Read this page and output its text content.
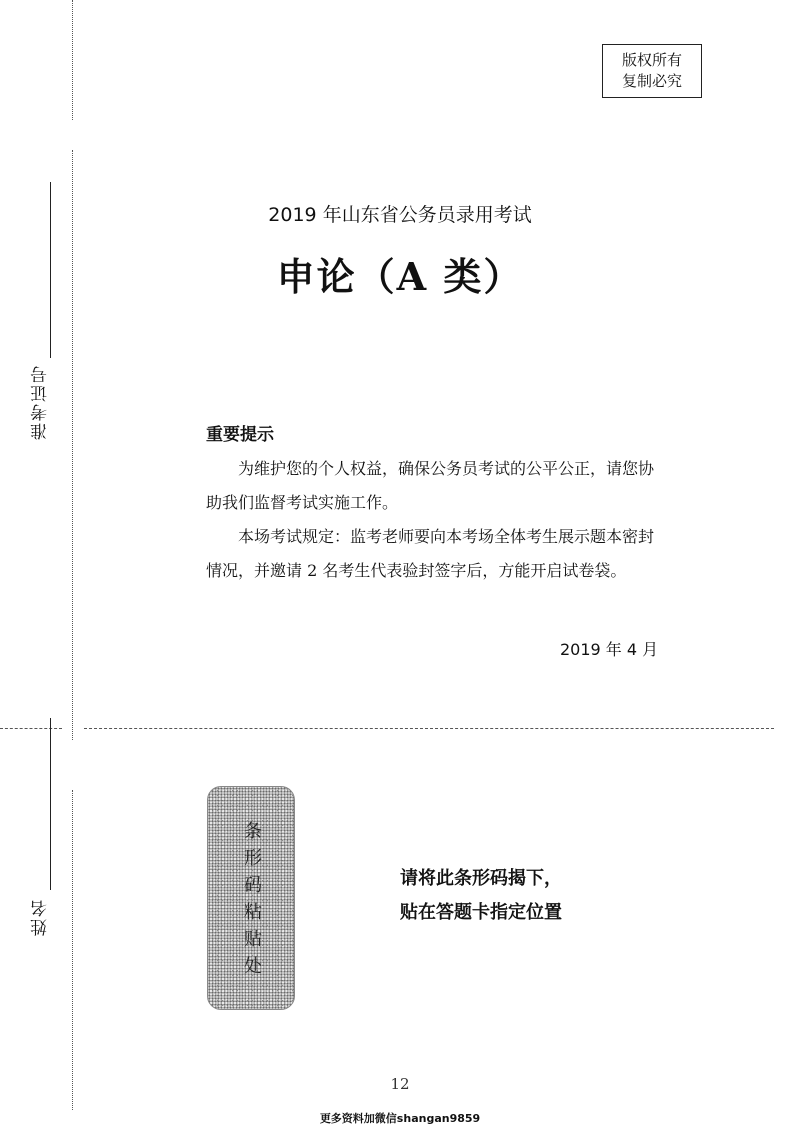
版权所有
复制必究
准考证号
姓名
2019 年山东省公务员录用考试
申论（A 类）
重要提示
为维护您的个人权益，确保公务员考试的公平公正，请您协助我们监督考试实施工作。
本场考试规定：监考老师要向本考场全体考生展示题本密封情况，并邀请 2 名考生代表验封签字后，方能开启试卷袋。
2019 年 4 月
条形码粘贴处	请将此条形码揭下，
贴在答题卡指定位置
12
更多资料加微信shangan9859
